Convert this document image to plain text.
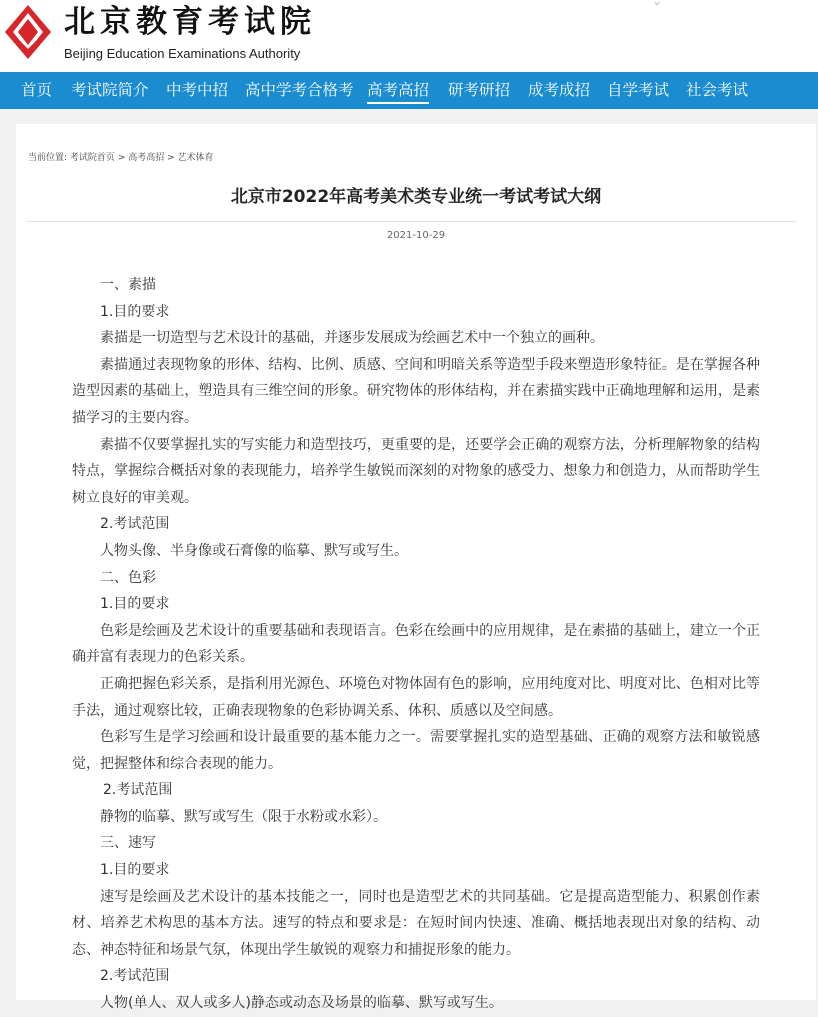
北京教育考试院
Beijing Education Examinations Authority
⌄
首页 考试院简介 中考中招 高中学考合格考 高考高招 研考研招 成考成招 自学考试 社会考试
当前位置: 考试院首页 > 高考高招 > 艺术体育
北京市2022年高考美术类专业统一考试考试大纲
2021-10-29

一、素描

1.目的要求

素描是一切造型与艺术设计的基础，并逐步发展成为绘画艺术中一个独立的画种。

素描通过表现物象的形体、结构、比例、质感、空间和明暗关系等造型手段来塑造形象特征。是在掌握各种造型因素的基础上，塑造具有三维空间的形象。研究物体的形体结构，并在素描实践中正确地理解和运用，是素描学习的主要内容。

素描不仅要掌握扎实的写实能力和造型技巧，更重要的是，还要学会正确的观察方法，分析理解物象的结构特点，掌握综合概括对象的表现能力，培养学生敏锐而深刻的对物象的感受力、想象力和创造力，从而帮助学生树立良好的审美观。

2.考试范围

人物头像、半身像或石膏像的临摹、默写或写生。

二、色彩

1.目的要求

色彩是绘画及艺术设计的重要基础和表现语言。色彩在绘画中的应用规律，是在素描的基础上，建立一个正确并富有表现力的色彩关系。

正确把握色彩关系，是指利用光源色、环境色对物体固有色的影响，应用纯度对比、明度对比、色相对比等手法，通过观察比较，正确表现物象的色彩协调关系、体积、质感以及空间感。

色彩写生是学习绘画和设计最重要的基本能力之一。需要掌握扎实的造型基础、正确的观察方法和敏锐感觉，把握整体和综合表现的能力。

2.考试范围

静物的临摹、默写或写生（限于水粉或水彩）。

三、速写

1.目的要求

速写是绘画及艺术设计的基本技能之一，同时也是造型艺术的共同基础。它是提高造型能力、积累创作素材、培养艺术构思的基本方法。速写的特点和要求是：在短时间内快速、准确、概括地表现出对象的结构、动态、神态特征和场景气氛，体现出学生敏锐的观察力和捕捉形象的能力。

2.考试范围

人物(单人、双人或多人)静态或动态及场景的临摹、默写或写生。
